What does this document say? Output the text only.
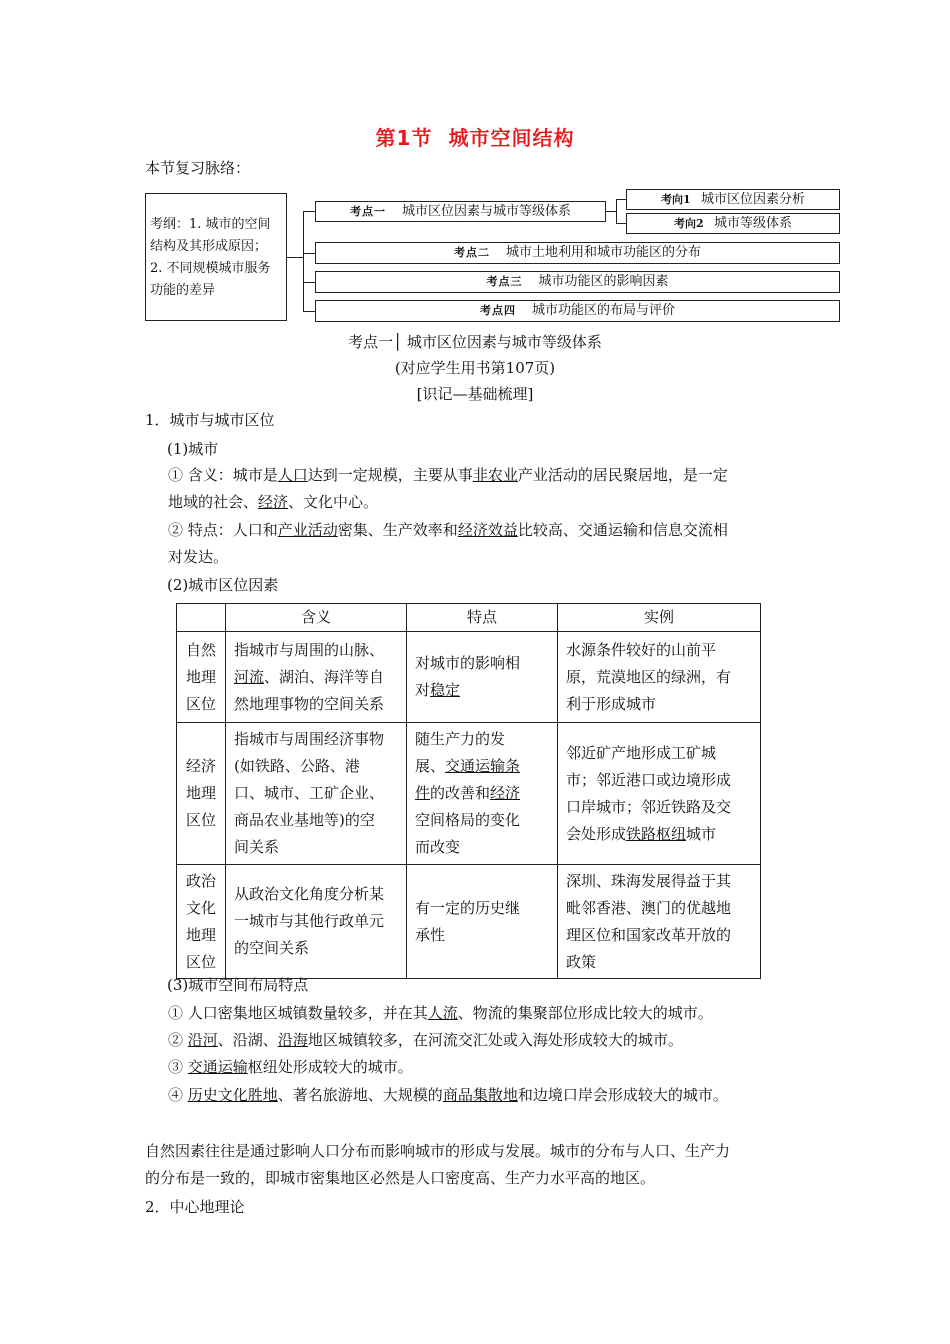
第1节 城市空间结构
本节复习脉络：
考纲：1. 城市的空间
结构及其形成原因；
2. 不同规模城市服务
功能的差异
考点一 城市区位因素与城市等级体系
考点二 城市土地利用和城市功能区的分布
考点三 城市功能区的影响因素
考点四 城市功能区的布局与评价
考向1 城市区位因素分析
考向2 城市等级体系
考点一│ 城市区位因素与城市等级体系
(对应学生用书第107页)
[识记—基础梳理]
1．城市与城市区位
(1)城市
① 含义：城市是人口达到一定规模，主要从事非农业产业活动的居民聚居地，是一定
地域的社会、经济、文化中心。
② 特点：人口和产业活动密集、生产效率和经济效益比较高、交通运输和信息交流相
对发达。
(2)城市区位因素
	含义	特点	实例
自然
地理
区位	指城市与周围的山脉、
河流、湖泊、海洋等自
然地理事物的空间关系	对城市的影响相
对稳定	水源条件较好的山前平
原，荒漠地区的绿洲，有
利于形成城市
经济
地理
区位	指城市与周围经济事物
(如铁路、公路、港
口、城市、工矿企业、
商品农业基地等)的空
间关系	随生产力的发
展、交通运输条
件的改善和经济
空间格局的变化
而改变	邻近矿产地形成工矿城
市；邻近港口或边境形成
口岸城市；邻近铁路及交
会处形成铁路枢纽城市
政治
文化
地理
区位	从政治文化角度分析某
一城市与其他行政单元
的空间关系	有一定的历史继
承性	深圳、珠海发展得益于其
毗邻香港、澳门的优越地
理区位和国家改革开放的
政策
(3)城市空间布局特点
① 人口密集地区城镇数量较多，并在其人流、物流的集聚部位形成比较大的城市。
② 沿河、沿湖、沿海地区城镇较多，在河流交汇处或入海处形成较大的城市。
③ 交通运输枢纽处形成较大的城市。
④ 历史文化胜地、著名旅游地、大规模的商品集散地和边境口岸会形成较大的城市。
自然因素往往是通过影响人口分布而影响城市的形成与发展。城市的分布与人口、生产力
的分布是一致的，即城市密集地区必然是人口密度高、生产力水平高的地区。
2．中心地理论
